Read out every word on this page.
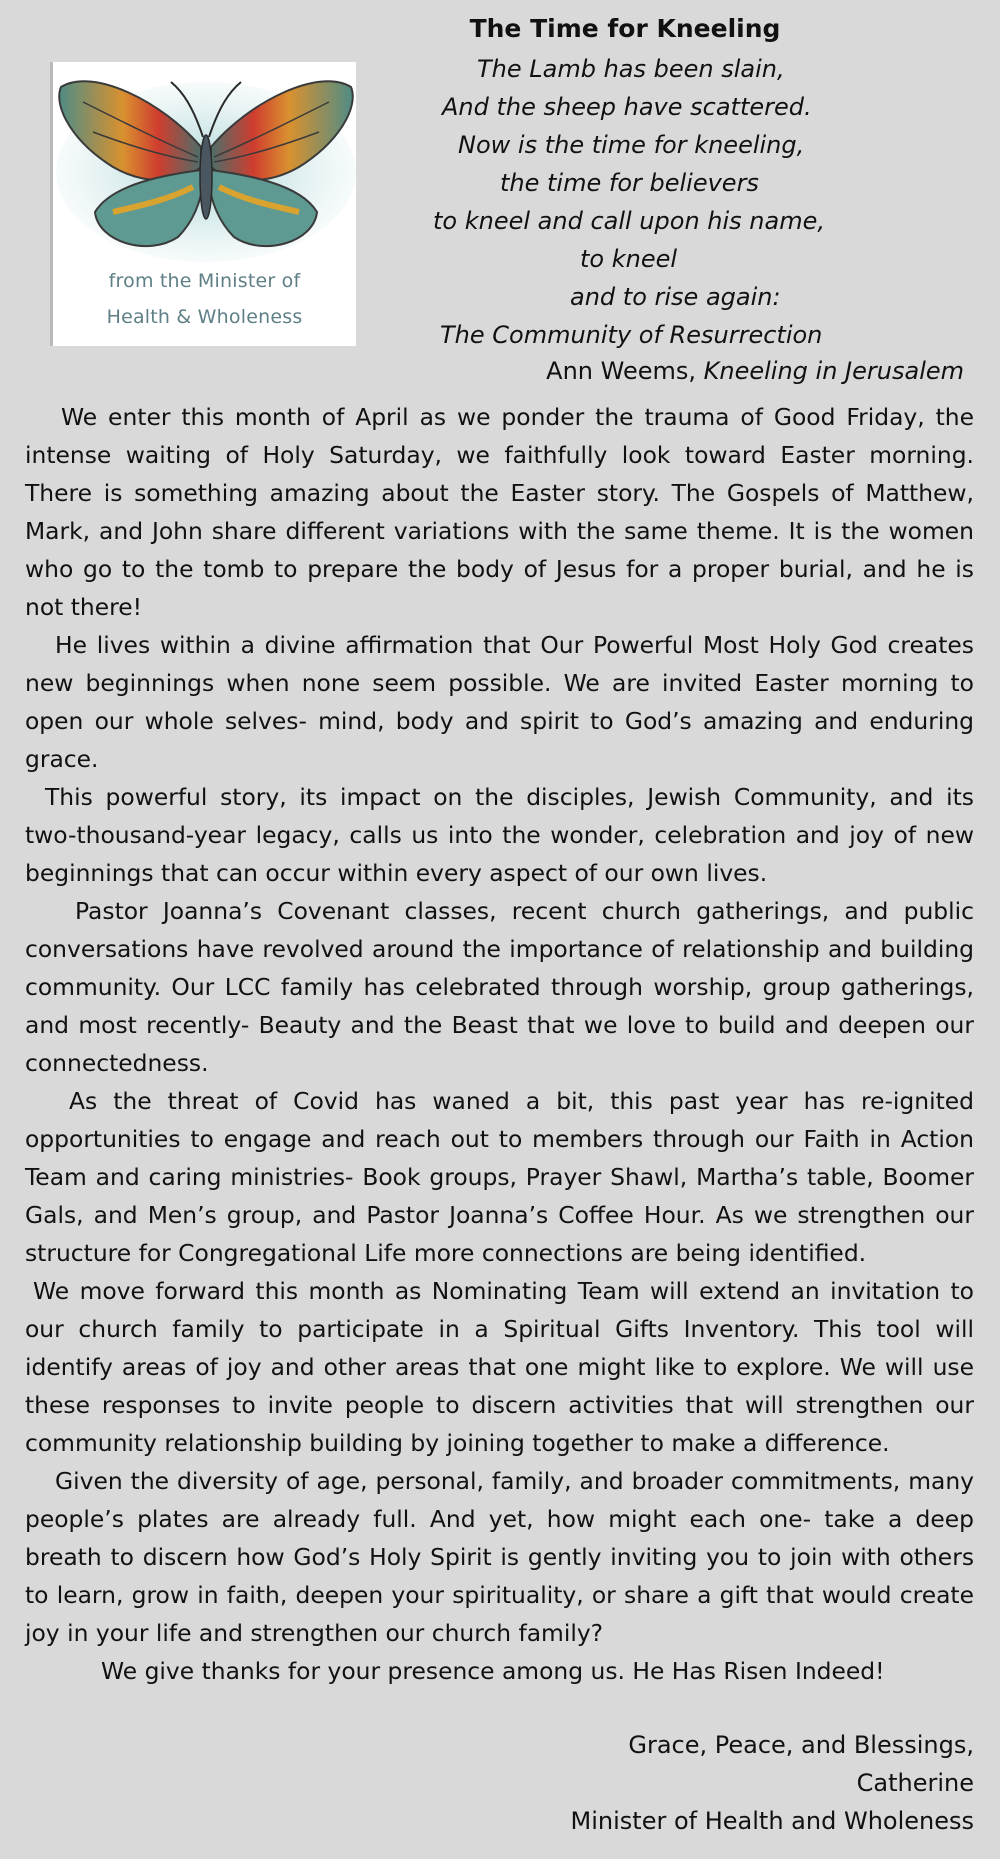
from the Minister of
Health & Wholeness
The Time for Kneeling
The Lamb has been slain,
And the sheep have scattered.
Now is the time for kneeling,
the time for believers
to kneel and call upon his name,
to kneel
and to rise again:
The Community of Resurrection
Ann Weems, Kneeling in Jerusalem

We enter this month of April as we ponder the trauma of Good Friday, the intense waiting of Holy Saturday, we faithfully look toward Easter morning. There is something amazing about the Easter story. The Gospels of Matthew, Mark, and John share different variations with the same theme. It is the women who go to the tomb to prepare the body of Jesus for a proper burial, and he is not there!

He lives within a divine affirmation that Our Powerful Most Holy God creates new beginnings when none seem possible. We are invited Easter morning to open our whole selves- mind, body and spirit to God’s amazing and enduring grace.

This powerful story, its impact on the disciples, Jewish Community, and its two-thousand-year legacy, calls us into the wonder, celebration and joy of new beginnings that can occur within every aspect of our own lives.

Pastor Joanna’s Covenant classes, recent church gatherings, and public conversations have revolved around the importance of relationship and building community. Our LCC family has celebrated through worship, group gatherings, and most recently- Beauty and the Beast that we love to build and deepen our connectedness.

As the threat of Covid has waned a bit, this past year has re-ignited opportunities to engage and reach out to members through our Faith in Action Team and caring ministries- Book groups, Prayer Shawl, Martha’s table, Boomer Gals, and Men’s group, and Pastor Joanna’s Coffee Hour. As we strengthen our structure for Congregational Life more connections are being identified.

We move forward this month as Nominating Team will extend an invitation to our church family to participate in a Spiritual Gifts Inventory. This tool will identify areas of joy and other areas that one might like to explore. We will use these responses to invite people to discern activities that will strengthen our community relationship building by joining together to make a difference.

Given the diversity of age, personal, family, and broader commitments, many people’s plates are already full. And yet, how might each one- take a deep breath to discern how God’s Holy Spirit is gently inviting you to join with others to learn, grow in faith, deepen your spirituality, or share a gift that would create joy in your life and strengthen our church family?

We give thanks for your presence among us. He Has Risen Indeed!

Grace, Peace, and Blessings,
Catherine
Minister of Health and Wholeness
